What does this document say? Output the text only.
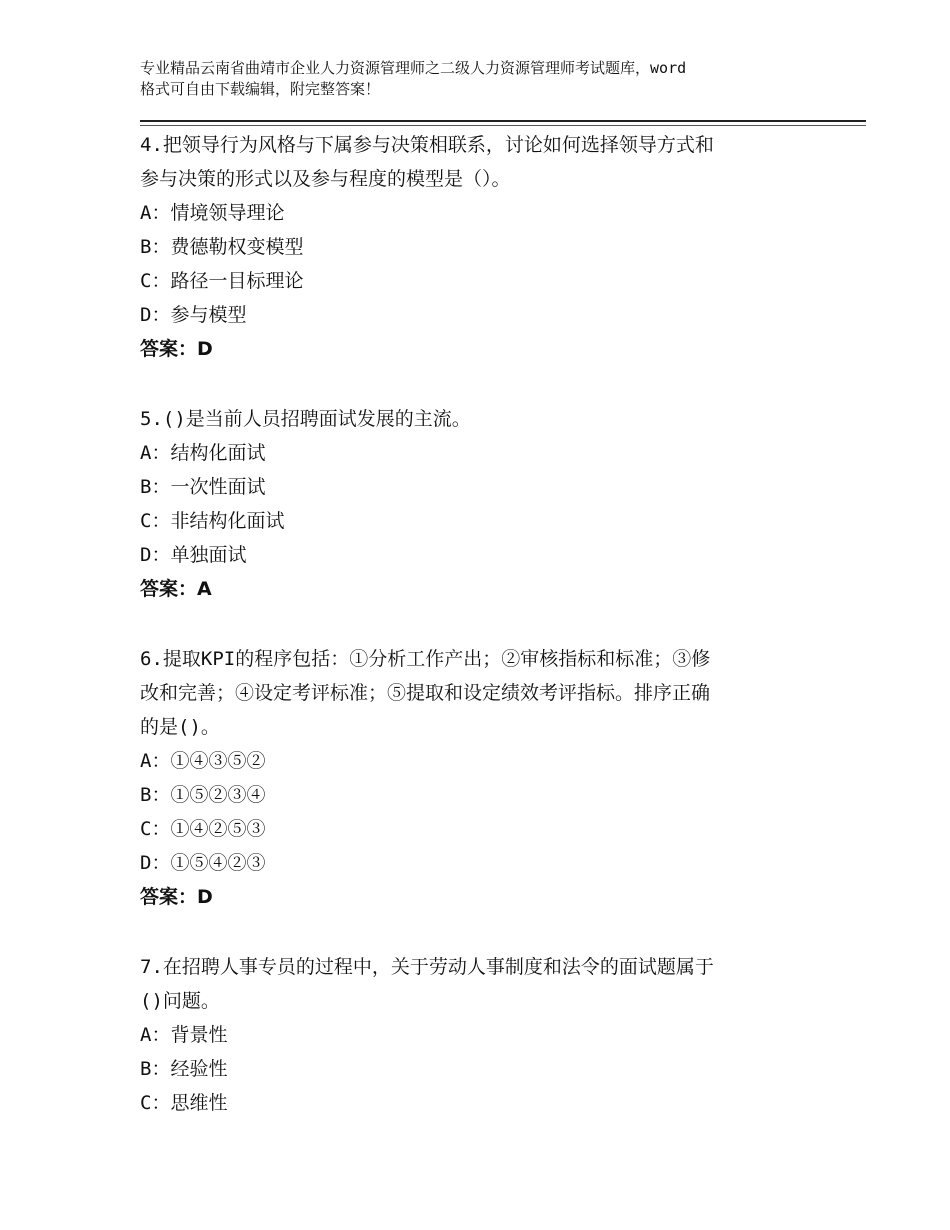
专业精品云南省曲靖市企业人力资源管理师之二级人力资源管理师考试题库，word
格式可自由下载编辑，附完整答案！
4.把领导行为风格与下属参与决策相联系，讨论如何选择领导方式和
参与决策的形式以及参与程度的模型是（）。
A：情境领导理论
B：费德勒权变模型
C：路径一目标理论
D：参与模型
答案：D
5.()是当前人员招聘面试发展的主流。
A：结构化面试
B：一次性面试
C：非结构化面试
D：单独面试
答案：A
6.提取KPI的程序包括：①分析工作产出；②审核指标和标准；③修
改和完善；④设定考评标准；⑤提取和设定绩效考评指标。排序正确
的是()。
A：①④③⑤②
B：①⑤②③④
C：①④②⑤③
D：①⑤④②③
答案：D
7.在招聘人事专员的过程中，关于劳动人事制度和法令的面试题属于
()问题。
A：背景性
B：经验性
C：思维性
